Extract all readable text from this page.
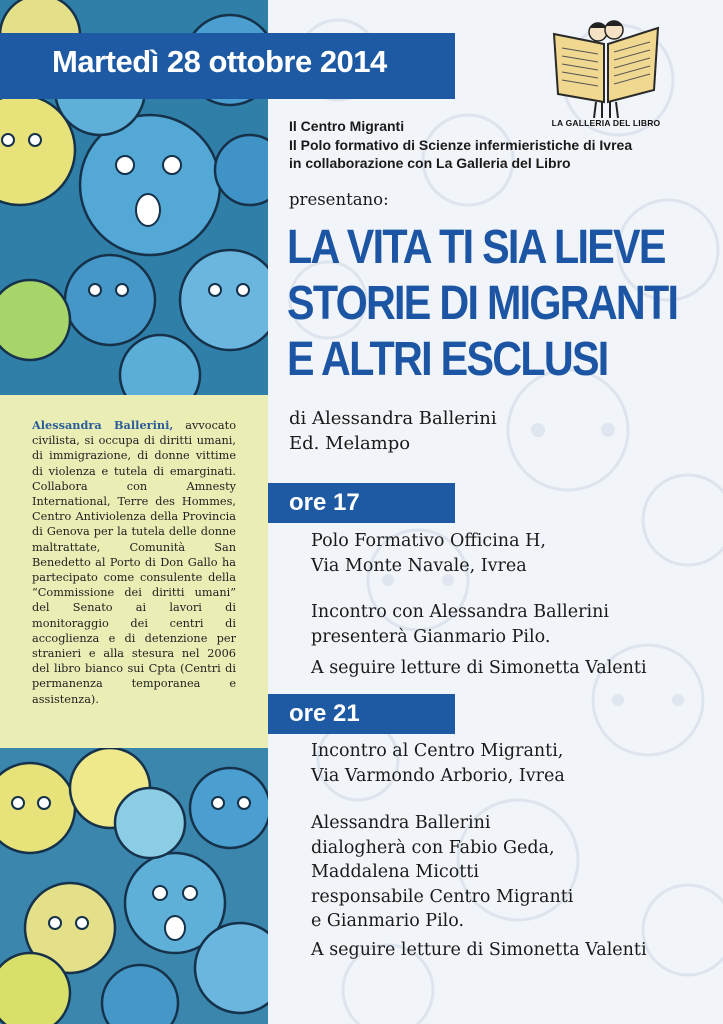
Alessandra Ballerini, avvocato civilista, si occupa di diritti umani, di immigrazione, di donne vittime di violenza e tutela di emarginati. Collabora con Amnesty International, Terre des Hommes, Centro Antiviolenza della Provincia di Genova per la tutela delle donne maltrattate, Comunità San Benedetto al Porto di Don Gallo ha partecipato come consulente della “Commissione dei diritti umani” del Senato ai lavori di monitoraggio dei centri di accoglienza e di detenzione per stranieri e alla stesura nel 2006 del libro bianco sui Cpta (Centri di permanenza temporanea e assistenza).
Martedì 28 ottobre 2014
LA GALLERIA DEL LIBRO
Il Centro Migranti
Il Polo formativo di Scienze infermieristiche di Ivrea
in collaborazione con La Galleria del Libro
presentano:
LA VITA TI SIA LIEVE
STORIE DI MIGRANTI
E ALTRI ESCLUSI
di Alessandra Ballerini
Ed. Melampo
ore 17
Polo Formativo Officina H,
Via Monte Navale, Ivrea
Incontro con Alessandra Ballerini
presenterà Gianmario Pilo.
A seguire letture di Simonetta Valenti
ore 21
Incontro al Centro Migranti,
Via Varmondo Arborio, Ivrea
Alessandra Ballerini
dialogherà con Fabio Geda,
Maddalena Micotti
responsabile Centro Migranti
e Gianmario Pilo.
A seguire letture di Simonetta Valenti
